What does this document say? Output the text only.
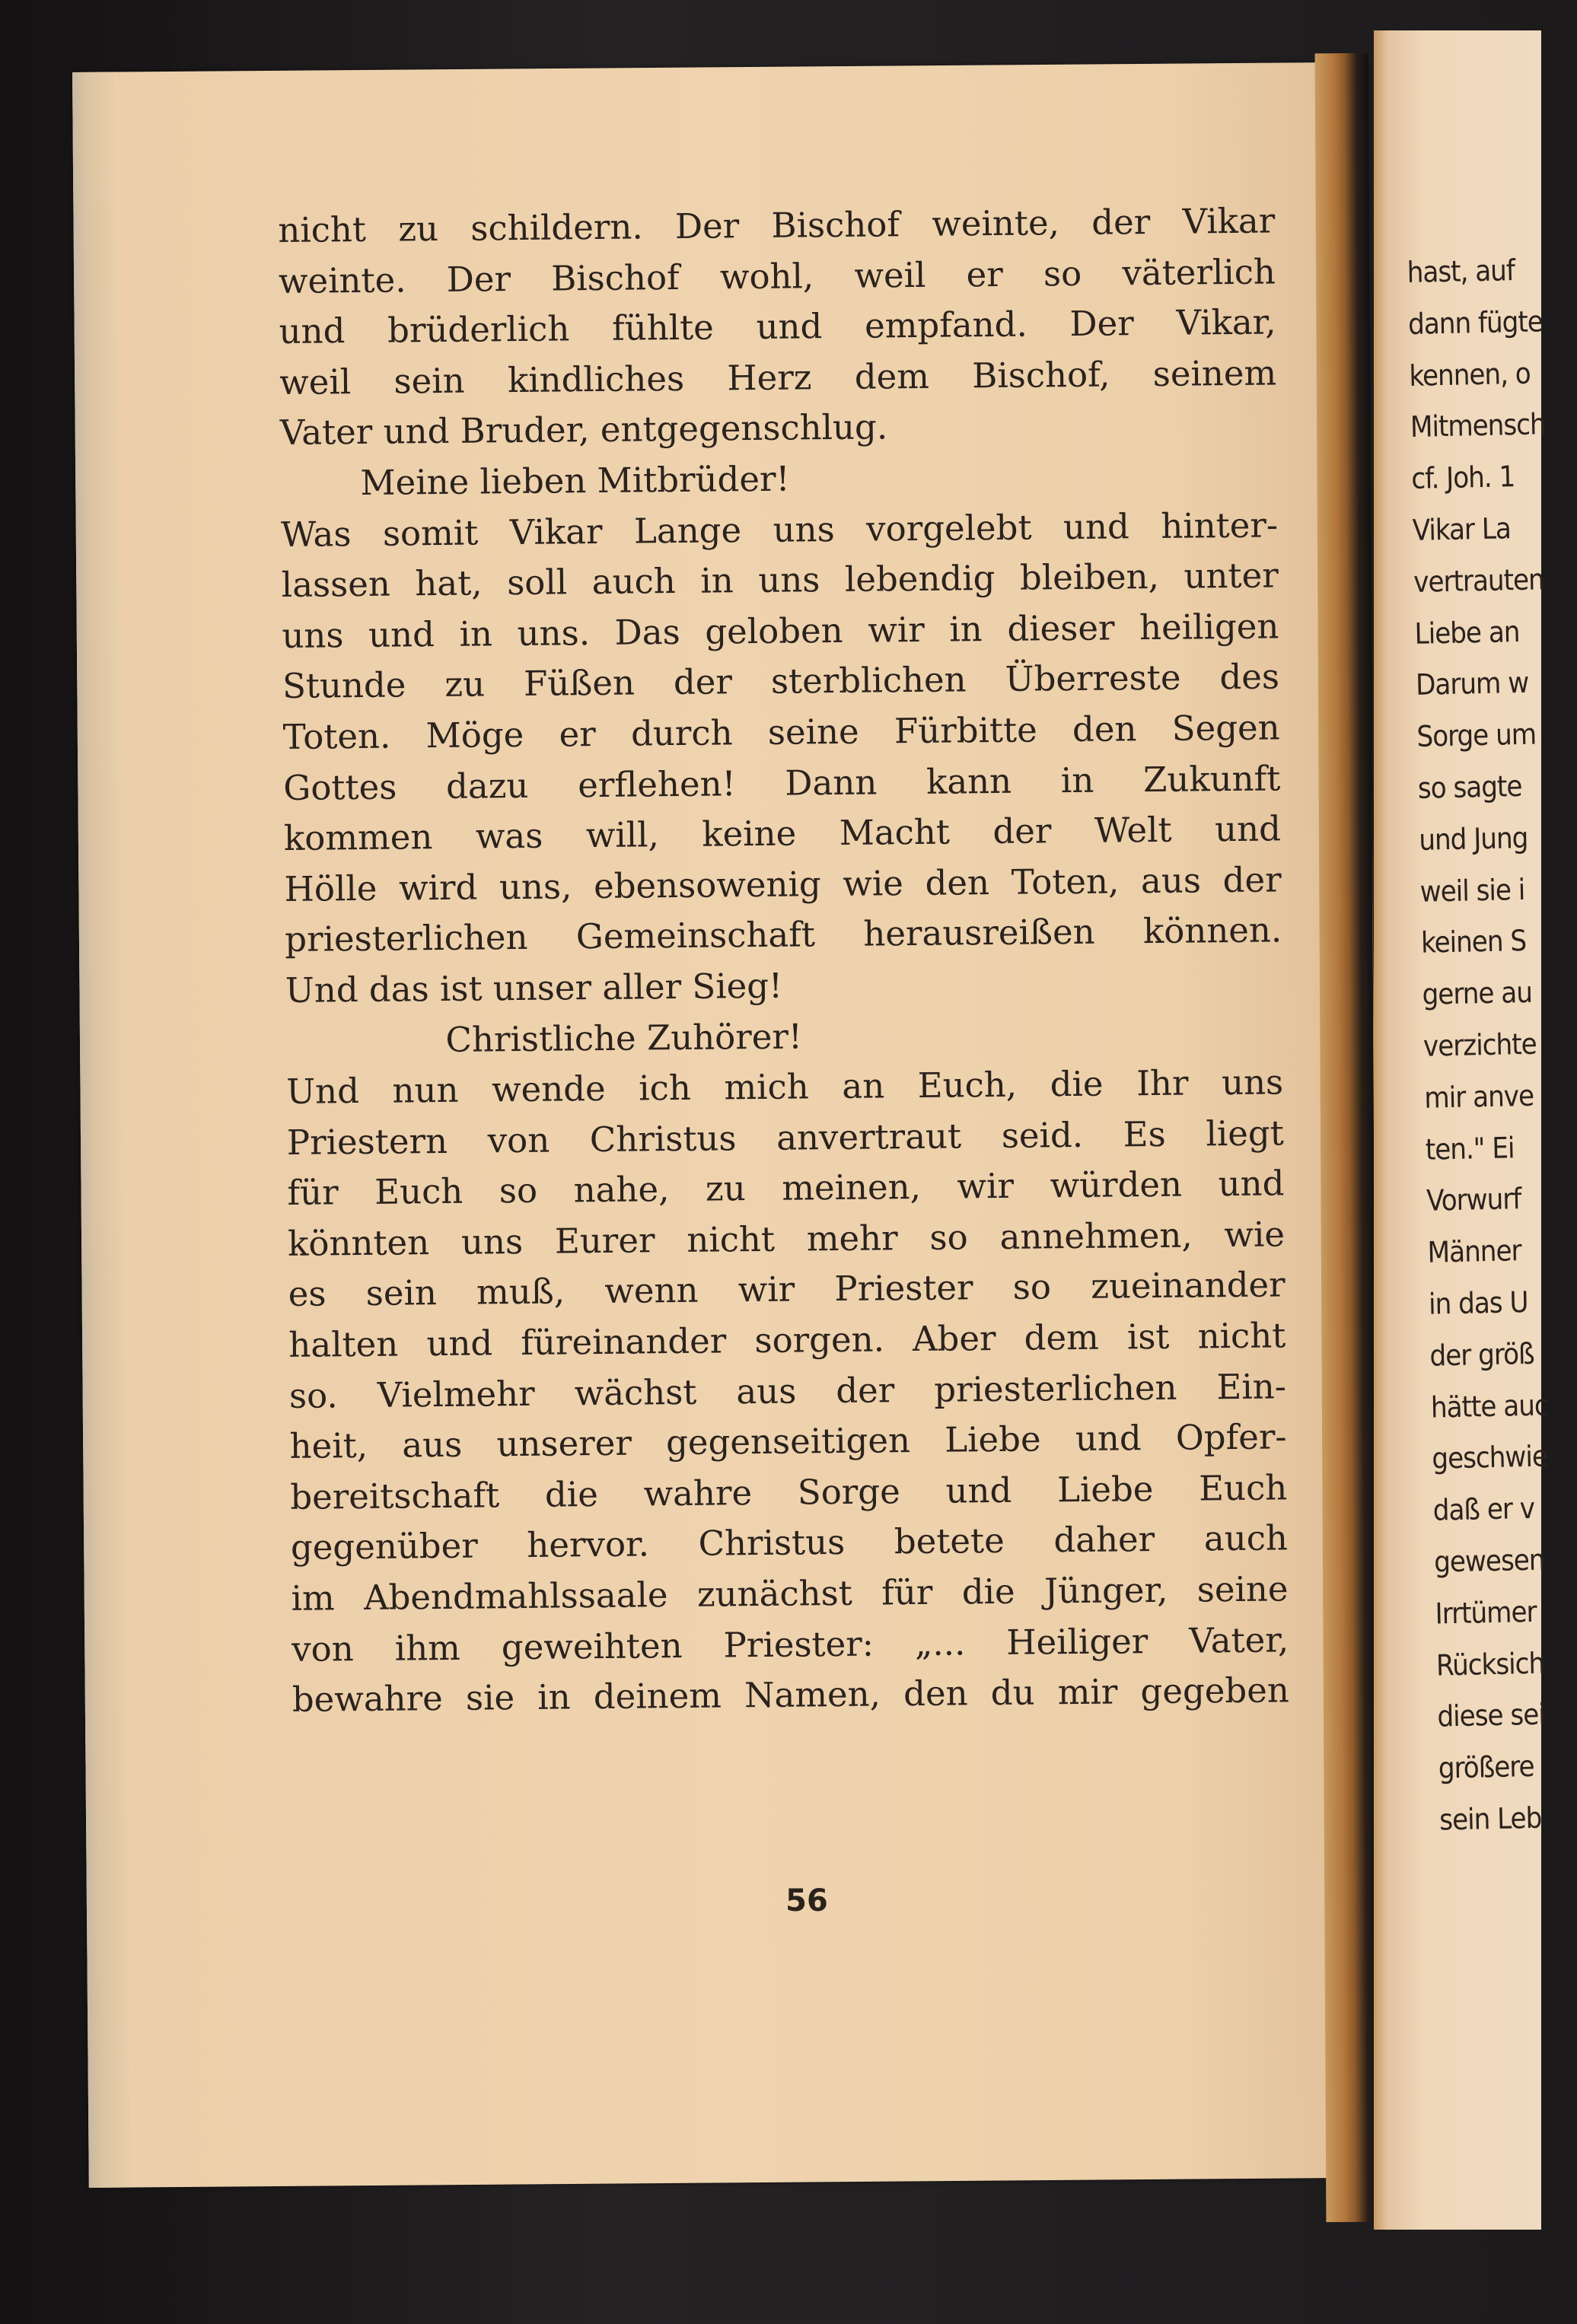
nicht zu schildern. Der Bischof weinte, der Vikar
weinte. Der Bischof wohl, weil er so väterlich
und brüderlich fühlte und empfand. Der Vikar,
weil sein kindliches Herz dem Bischof, seinem
Vater und Bruder, entgegenschlug.
Meine lieben Mitbrüder!
Was somit Vikar Lange uns vorgelebt und hinter-
lassen hat, soll auch in uns lebendig bleiben, unter
uns und in uns. Das geloben wir in dieser heiligen
Stunde zu Füßen der sterblichen Überreste des
Toten. Möge er durch seine Fürbitte den Segen
Gottes dazu erflehen! Dann kann in Zukunft
kommen was will, keine Macht der Welt und
Hölle wird uns, ebensowenig wie den Toten, aus der
priesterlichen Gemeinschaft herausreißen können.
Und das ist unser aller Sieg!
Christliche Zuhörer!
Und nun wende ich mich an Euch, die Ihr uns
Priestern von Christus anvertraut seid. Es liegt
für Euch so nahe, zu meinen, wir würden und
könnten uns Eurer nicht mehr so annehmen, wie
es sein muß, wenn wir Priester so zueinander
halten und füreinander sorgen. Aber dem ist nicht
so. Vielmehr wächst aus der priesterlichen Ein-
heit, aus unserer gegenseitigen Liebe und Opfer-
bereitschaft die wahre Sorge und Liebe Euch
gegenüber hervor. Christus betete daher auch
im Abendmahlssaale zunächst für die Jünger, seine
von ihm geweihten Priester: „... Heiliger Vater,
bewahre sie in deinem Namen, den du mir gegeben
56
hast, auf
dann fügte
kennen, o
Mitmensch
cf. Joh. 1
Vikar La
vertrauten
Liebe an
Darum w
Sorge um
so sagte
und Jung
weil sie i
keinen S
gerne au
verzichte
mir anve
ten." Ei
Vorwurf
Männer
in das U
der größ
hätte auc
geschwie
daß er v
gewesen
Irrtümer
Rücksich
diese sei
größere
sein Leb
